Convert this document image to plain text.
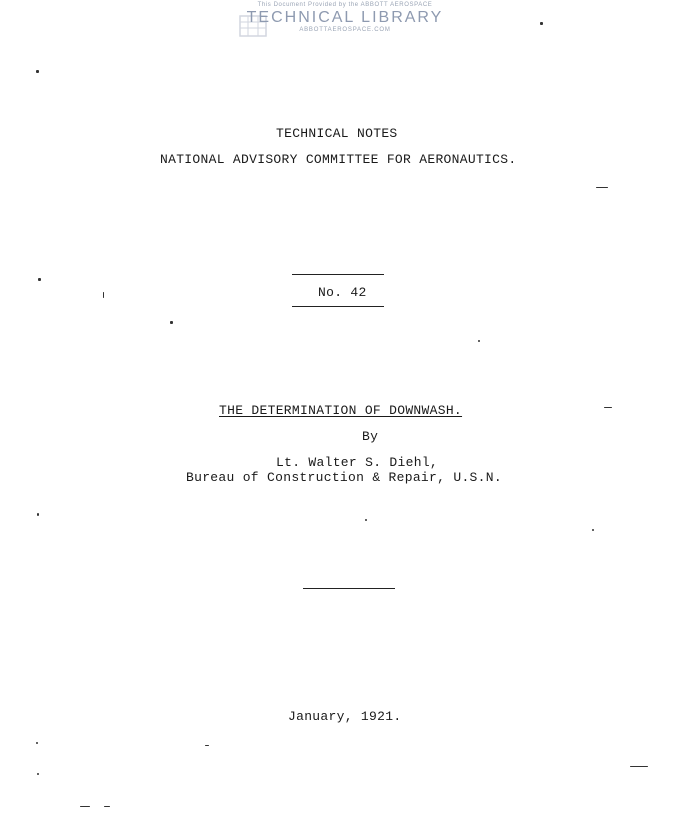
This Document Provided by the ABBOTT AEROSPACE
TECHNICAL LIBRARY
ABBOTTAEROSPACE.COM
TECHNICAL NOTES
NATIONAL ADVISORY COMMITTEE FOR AERONAUTICS.
No. 42
THE DETERMINATION OF DOWNWASH.
By
Lt. Walter S. Diehl,
Bureau of Construction & Repair, U.S.N.
January, 1921.
